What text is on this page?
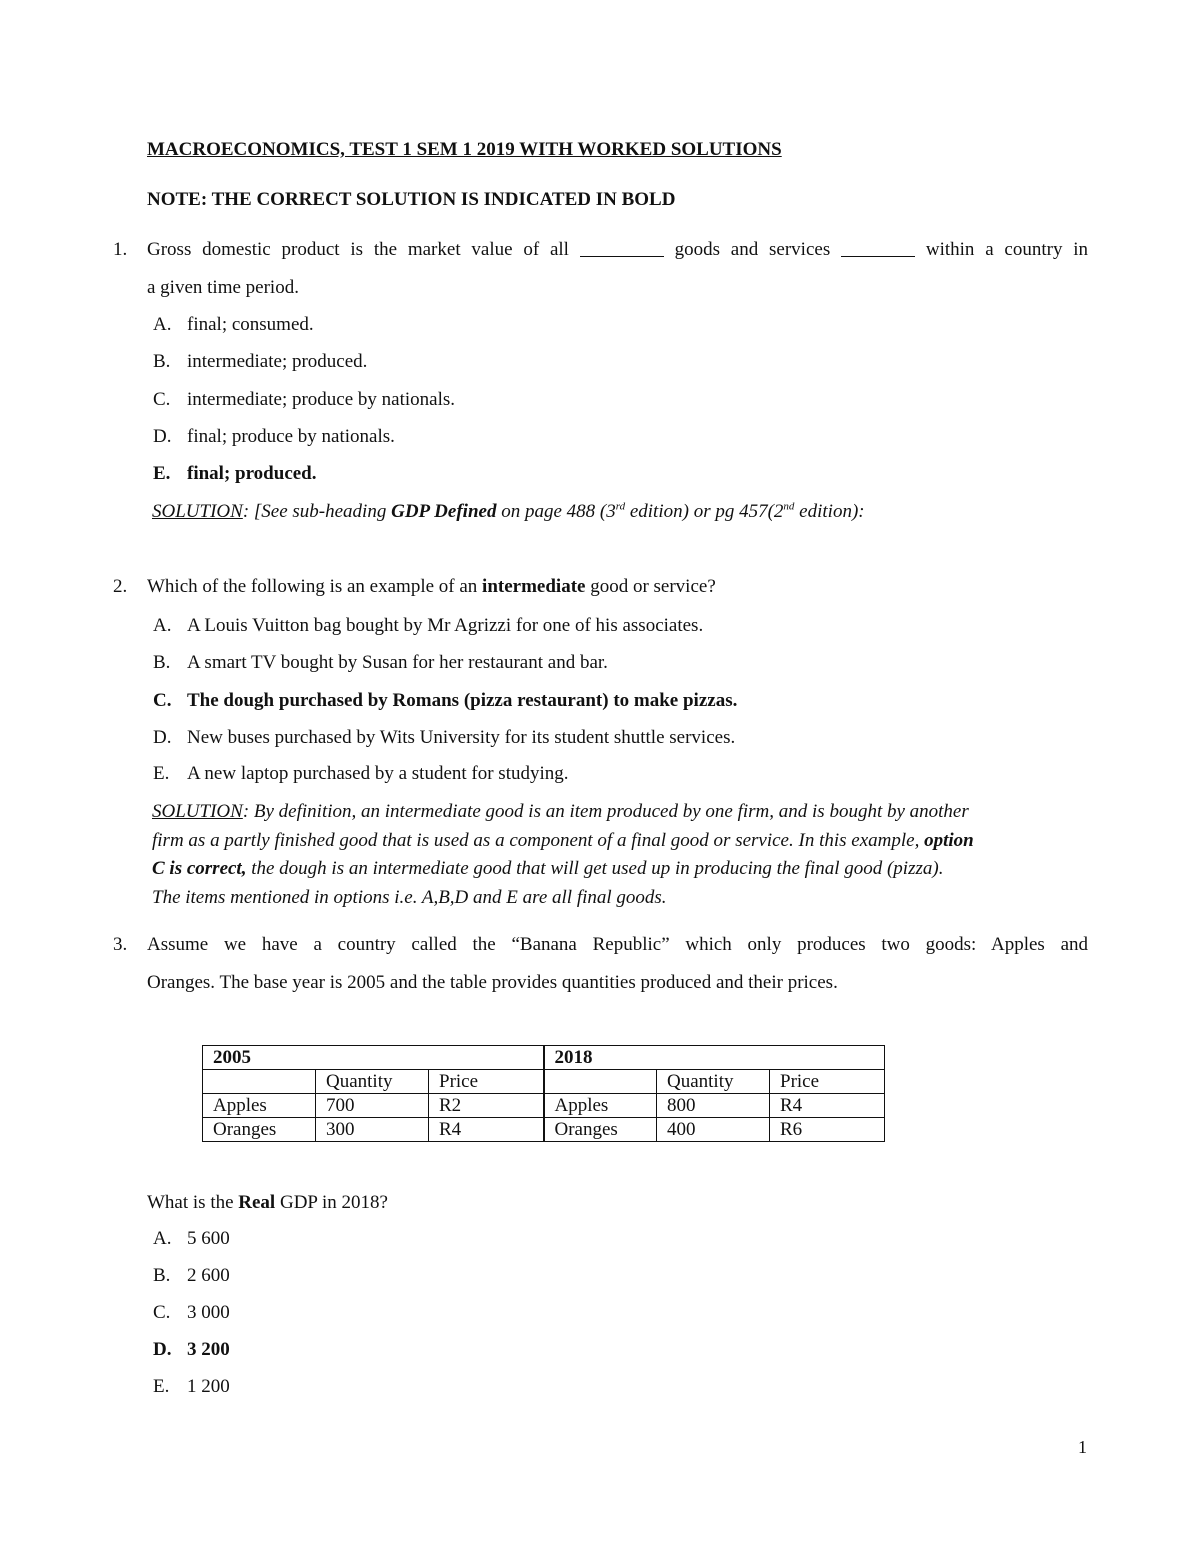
MACROECONOMICS, TEST 1 SEM 1 2019 WITH WORKED SOLUTIONS
NOTE: THE CORRECT SOLUTION IS INDICATED IN BOLD
1. Gross domestic product is the market value of all	goods and services	within a country in
a given time period.
A. final; consumed.
B. intermediate; produced.
C. intermediate; produce by nationals.
D. final; produce by nationals.
E. final; produced.
SOLUTION: [See sub-heading GDP Defined on page 488 (3rd edition) or pg 457(2nd edition):
2. Which of the following is an example of an intermediate good or service?
A. A Louis Vuitton bag bought by Mr Agrizzi for one of his associates.
B. A smart TV bought by Susan for her restaurant and bar.
C. The dough purchased by Romans (pizza restaurant) to make pizzas.
D. New buses purchased by Wits University for its student shuttle services.
E. A new laptop purchased by a student for studying.
SOLUTION: By definition, an intermediate good is an item produced by one firm, and is bought by another
firm as a partly finished good that is used as a component of a final good or service. In this example, option
C is correct, the dough is an intermediate good that will get used up in producing the final good (pizza).
The items mentioned in options i.e. A,B,D and E are all final goods.
3. Assume we have a country called the “Banana Republic” which only produces two goods: Apples and
Oranges. The base year is 2005 and the table provides quantities produced and their prices.
2005			2018		
	Quantity	Price		Quantity	Price
Apples	700	R2	Apples	800	R4
Oranges	300	R4	Oranges	400	R6
What is the Real GDP in 2018?
A. 5 600
B. 2 600
C. 3 000
D. 3 200
E. 1 200
1
